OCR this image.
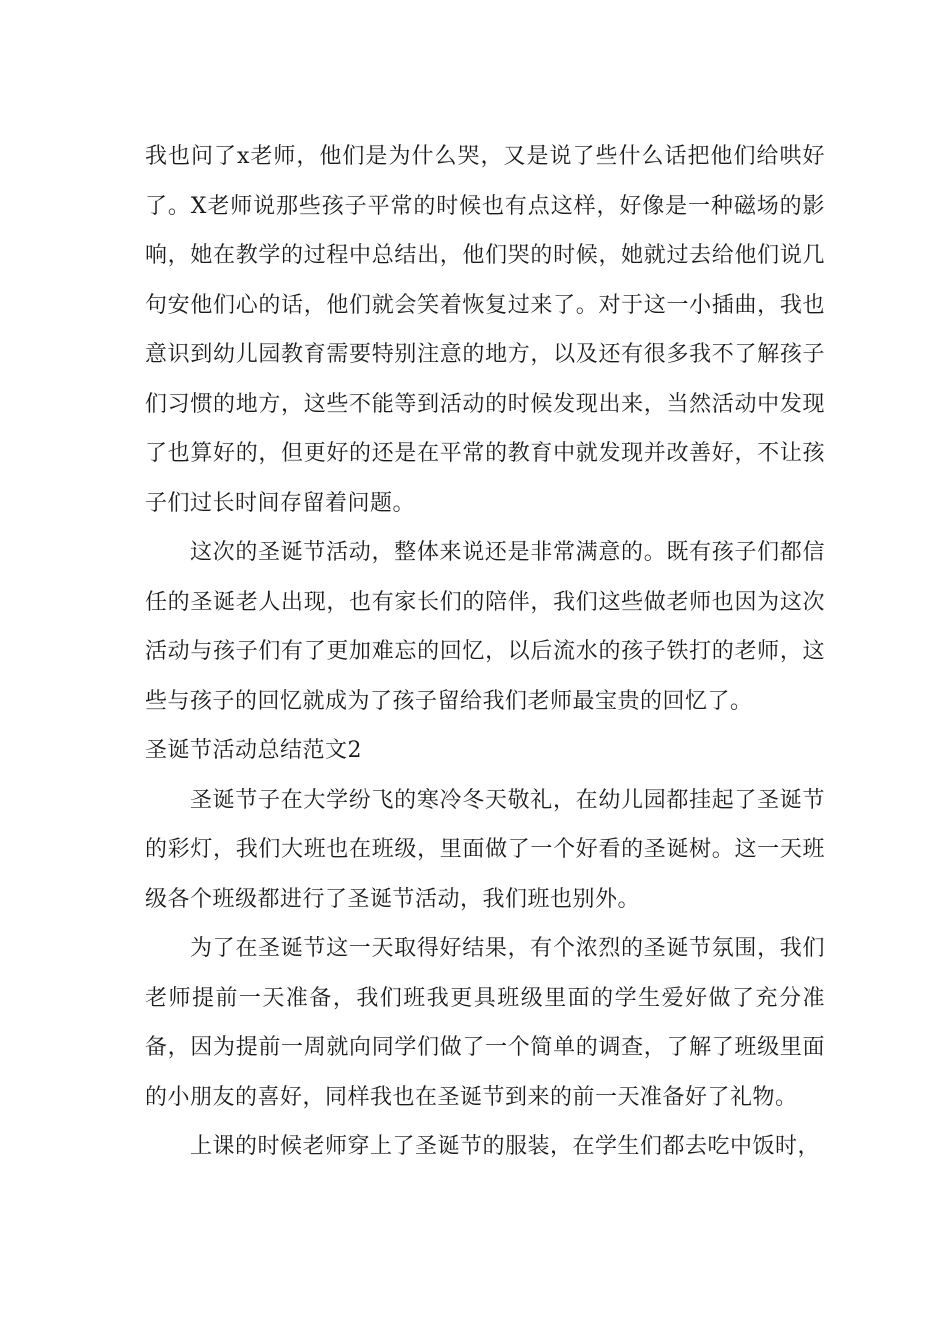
我也问了x老师，他们是为什么哭，又是说了些什么话把他们给哄好了。X老师说那些孩子平常的时候也有点这样，好像是一种磁场的影响，她在教学的过程中总结出，他们哭的时候，她就过去给他们说几句安他们心的话，他们就会笑着恢复过来了。对于这一小插曲，我也意识到幼儿园教育需要特别注意的地方，以及还有很多我不了解孩子们习惯的地方，这些不能等到活动的时候发现出来，当然活动中发现了也算好的，但更好的还是在平常的教育中就发现并改善好，不让孩子们过长时间存留着问题。

这次的圣诞节活动，整体来说还是非常满意的。既有孩子们都信任的圣诞老人出现，也有家长们的陪伴，我们这些做老师也因为这次活动与孩子们有了更加难忘的回忆，以后流水的孩子铁打的老师，这些与孩子的回忆就成为了孩子留给我们老师最宝贵的回忆了。

圣诞节活动总结范文2

圣诞节子在大学纷飞的寒冷冬天敬礼，在幼儿园都挂起了圣诞节的彩灯，我们大班也在班级，里面做了一个好看的圣诞树。这一天班级各个班级都进行了圣诞节活动，我们班也别外。

为了在圣诞节这一天取得好结果，有个浓烈的圣诞节氛围，我们老师提前一天准备，我们班我更具班级里面的学生爱好做了充分准备，因为提前一周就向同学们做了一个简单的调查，了解了班级里面的小朋友的喜好，同样我也在圣诞节到来的前一天准备好了礼物。

上课的时候老师穿上了圣诞节的服装，在学生们都去吃中饭时，
